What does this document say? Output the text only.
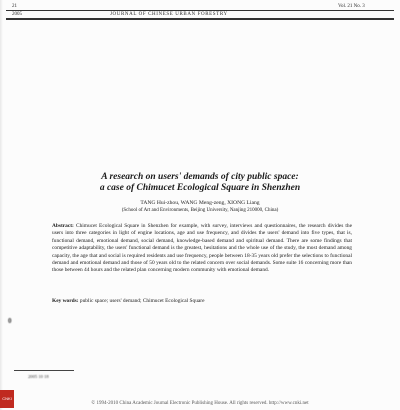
21	Vol. 21 No. 3
2005	JOURNAL OF CHINESE URBAN FORESTRY
A research on users' demands of city public space:
a case of Chimucet Ecological Square in Shenzhen
TANG Hui-zhou, WANG Meng-zeng, XIONG Liang
(School of Art and Environments, Beijing University, Nanjing 210000, China)
Abstract: Chimucet Ecological Square in Shenzhen for example, with survey, interviews and questionnaires, the research divides the users into three categories in light of engine locations, age and use frequency, and divides the users' demand into five types, that is, functional demand, emotional demand, social demand, knowledge-based demand and spiritual demand. There are some findings that competitive adaptability, the users' functional demand is the greatest, hesitations and the whole use of the study, the most demand among capacity, the age that and social is required residents and use frequency, people between 18-35 years old prefer the selections to functional demand and emotional demand and those of 50 years old to the related concern over social demands. Some suite 16 concerning more than those between 44 hours and the related plan concerning modern community with emotional demand.
Key words: public space; users' demand; Chimucet Ecological Square
0
2005 10 18
CNKI
© 1994-2010 China Academic Journal Electronic Publishing House. All rights reserved. http://www.cnki.net
